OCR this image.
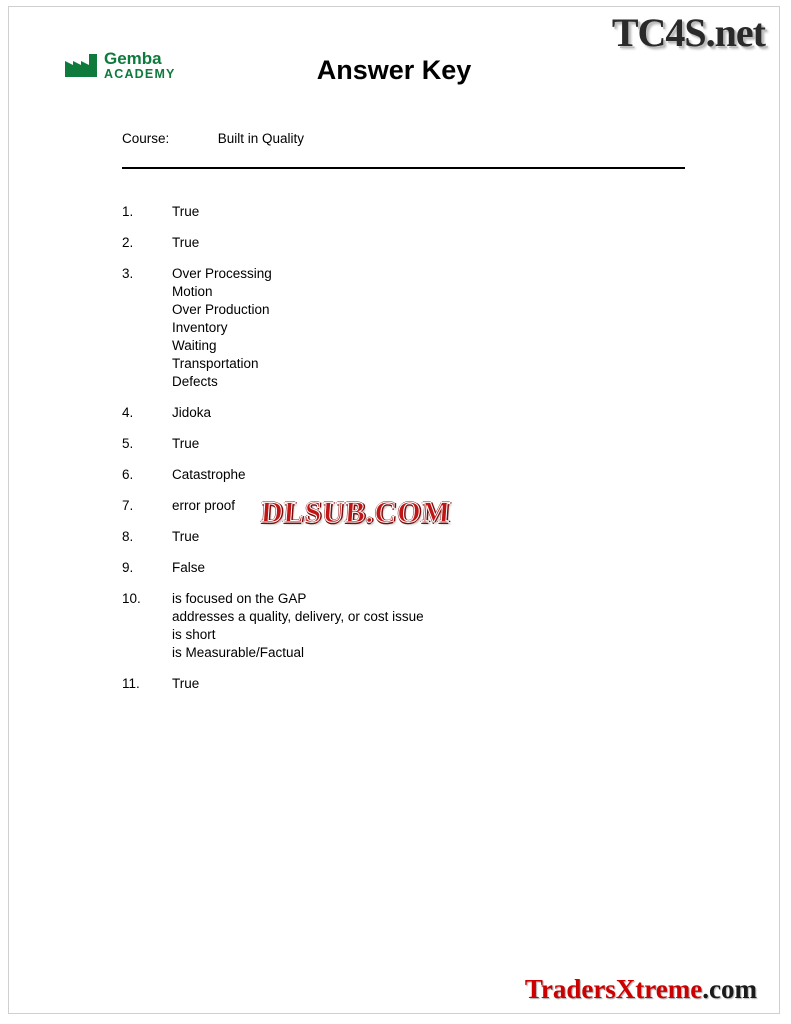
TC4S.net
Gemba
ACADEMY	Answer Key
Course:	Built in Quality
1.	True
2.	True
3.	Over Processing
Motion
Over Production
Inventory
Waiting
Transportation
Defects
4.	Jidoka
5.	True
6.	Catastrophe
7.	error proof
8.	True
9.	False
10.	is focused on the GAP
addresses a quality, delivery, or cost issue
is short
is Measurable/Factual
11.	True
DLSUB.COM
TradersXtreme.com
